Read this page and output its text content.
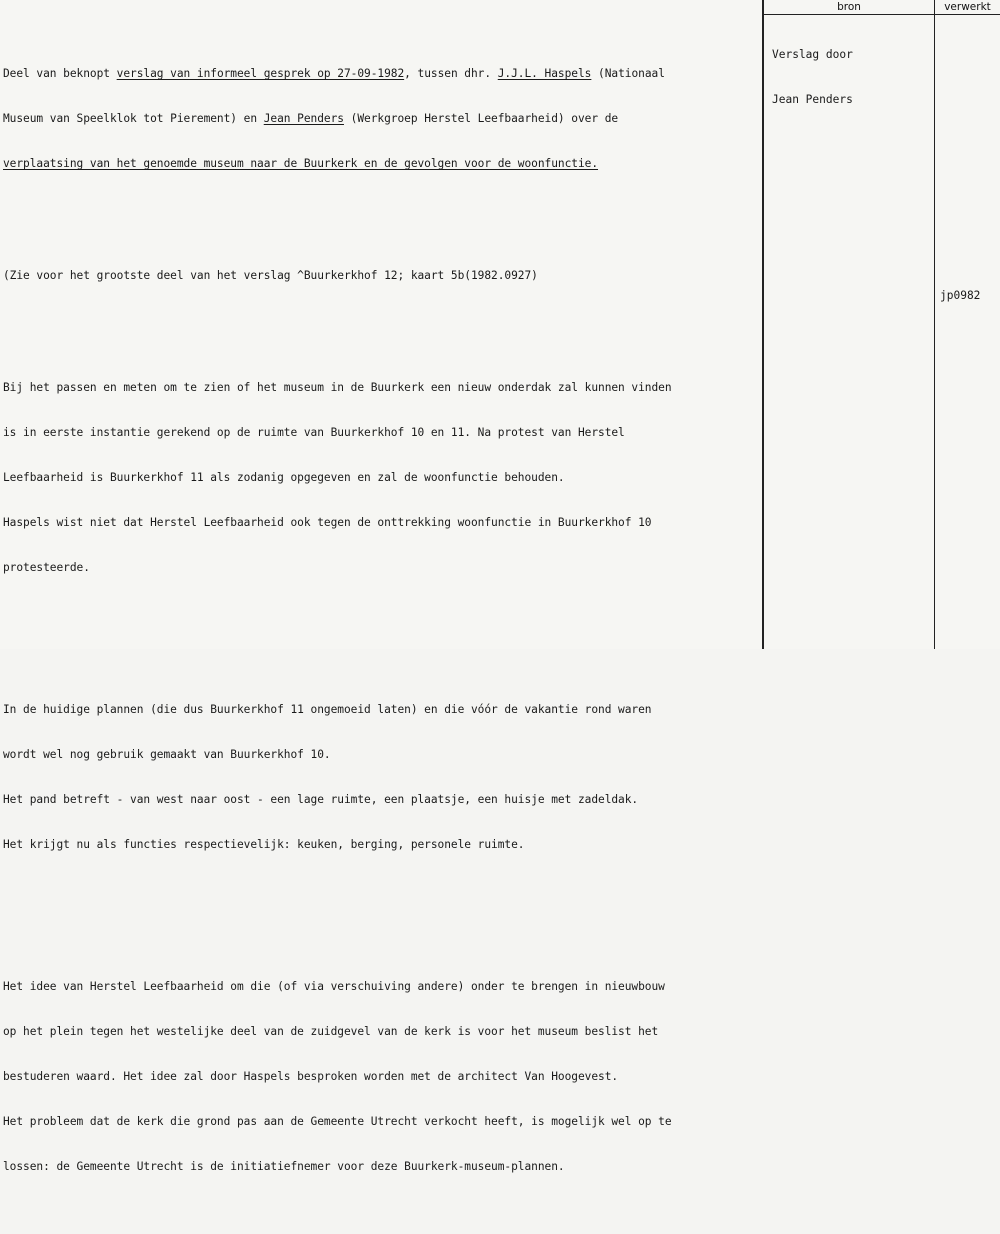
bron	verwerkt

Deel van beknopt verslag van informeel gesprek op 27-09-1982, tussen dhr. J.J.L. Haspels (Nationaal

Museum van Speelklok tot Pierement) en Jean Penders (Werkgroep Herstel Leefbaarheid) over de

verplaatsing van het genoemde museum naar de Buurkerk en de gevolgen voor de woonfunctie.

(Zie voor het grootste deel van het verslag ^Buurkerkhof 12; kaart 5b(1982.0927)

Bij het passen en meten om te zien of het museum in de Buurkerk een nieuw onderdak zal kunnen vinden

is in eerste instantie gerekend op de ruimte van Buurkerkhof 10 en 11. Na protest van Herstel

Leefbaarheid is Buurkerkhof 11 als zodanig opgegeven en zal de woonfunctie behouden.

Haspels wist niet dat Herstel Leefbaarheid ook tegen de onttrekking woonfunctie in Buurkerkhof 10

protesteerde.

In de huidige plannen (die dus Buurkerkhof 11 ongemoeid laten) en die vóór de vakantie rond waren

wordt wel nog gebruik gemaakt van Buurkerkhof 10.

Het pand betreft - van west naar oost - een lage ruimte, een plaatsje, een huisje met zadeldak.

Het krijgt nu als functies respectievelijk: keuken, berging, personele ruimte.

Het idee van Herstel Leefbaarheid om die (of via verschuiving andere) onder te brengen in nieuwbouw

op het plein tegen het westelijke deel van de zuidgevel van de kerk is voor het museum beslist het

bestuderen waard. Het idee zal door Haspels besproken worden met de architect Van Hoogevest.

Het probleem dat de kerk die grond pas aan de Gemeente Utrecht verkocht heeft, is mogelijk wel op te

lossen: de Gemeente Utrecht is de initiatiefnemer voor deze Buurkerk-museum-plannen.

Verslag door

Jean Penders

jp0982
